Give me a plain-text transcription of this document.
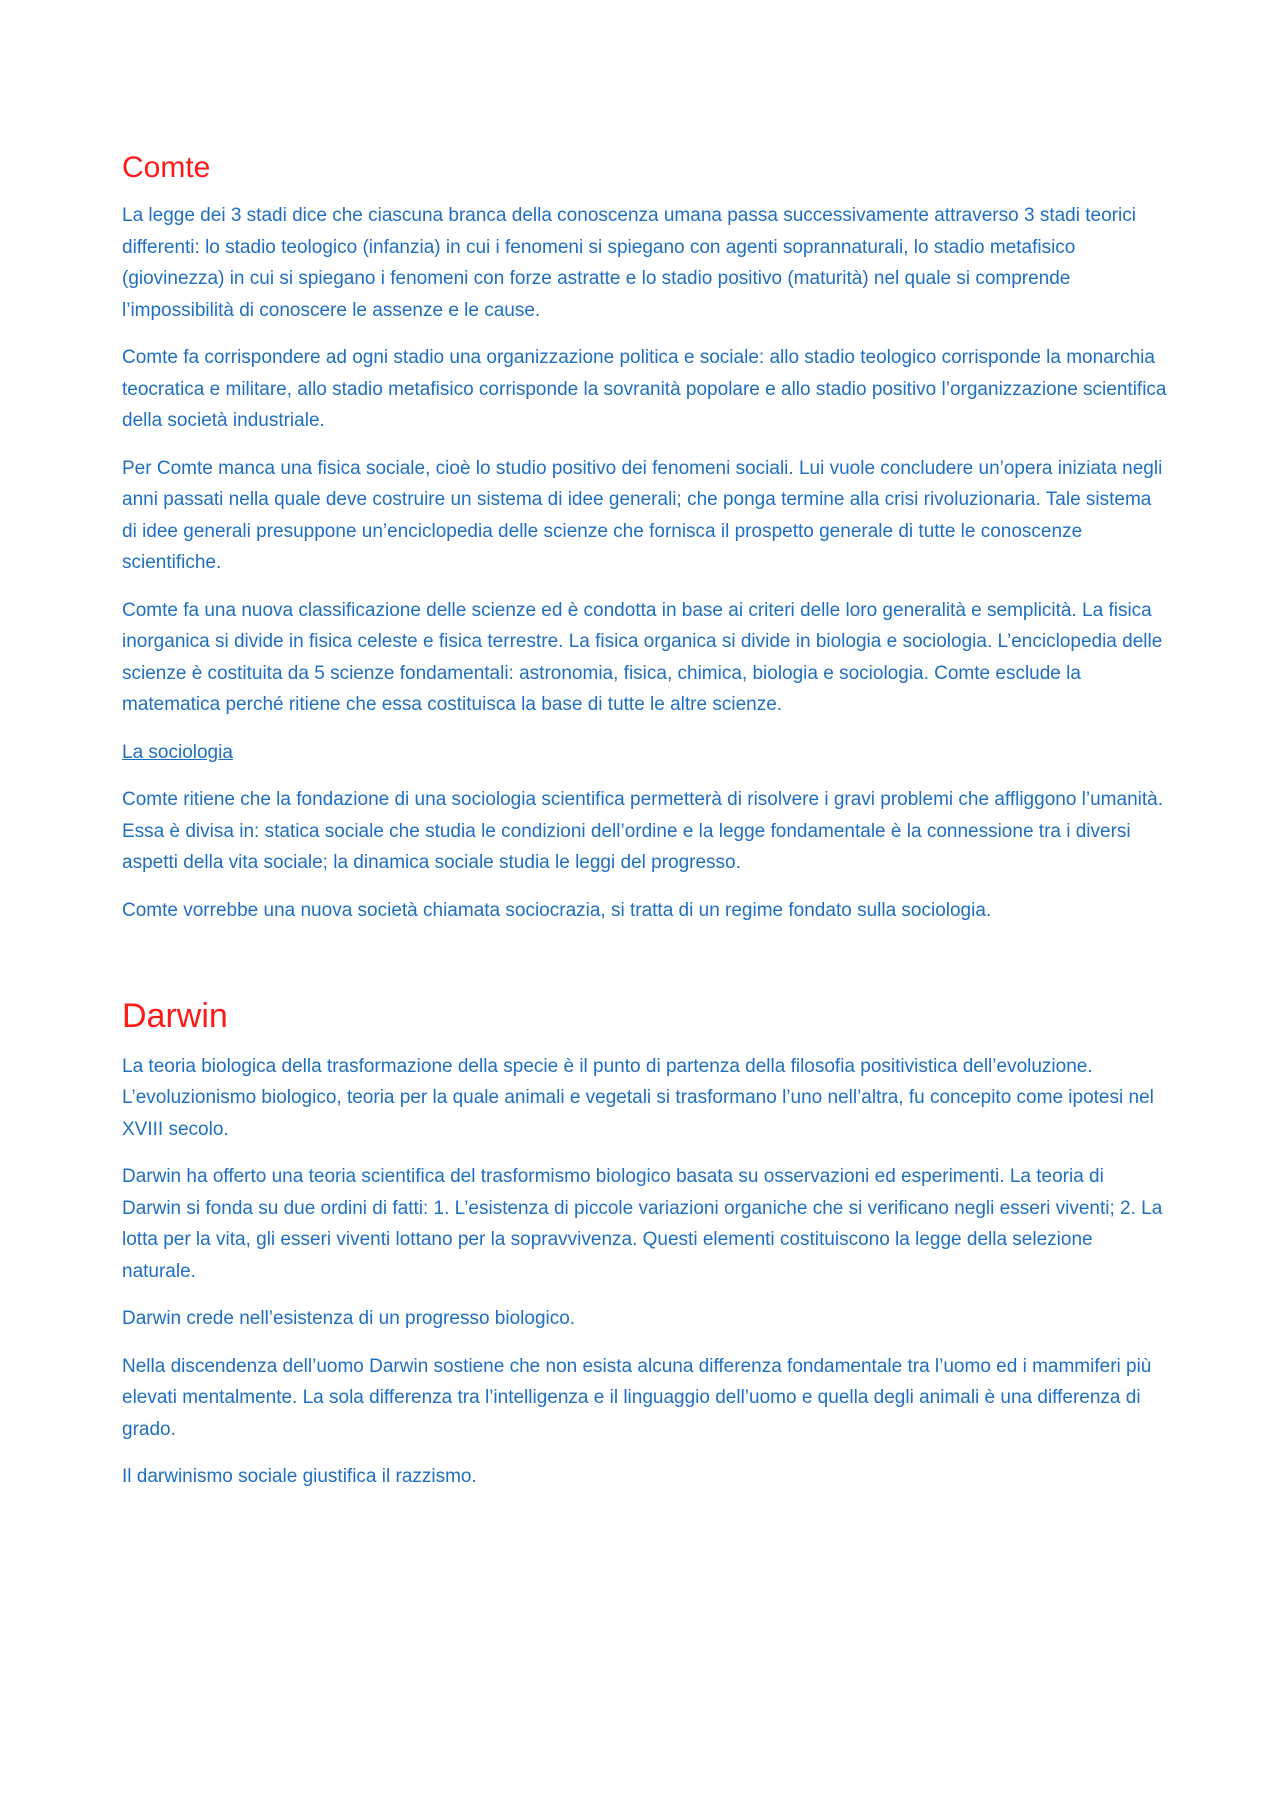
Comte

La legge dei 3 stadi dice che ciascuna branca della conoscenza umana passa successivamente attraverso 3 stadi teorici differenti: lo stadio teologico (infanzia) in cui i fenomeni si spiegano con agenti soprannaturali, lo stadio metafisico (giovinezza) in cui si spiegano i fenomeni con forze astratte e lo stadio positivo (maturità) nel quale si comprende l’impossibilità di conoscere le assenze e le cause.

Comte fa corrispondere ad ogni stadio una organizzazione politica e sociale: allo stadio teologico corrisponde la monarchia teocratica e militare, allo stadio metafisico corrisponde la sovranità popolare e allo stadio positivo l’organizzazione scientifica della società industriale.

Per Comte manca una fisica sociale, cioè lo studio positivo dei fenomeni sociali. Lui vuole concludere un’opera iniziata negli anni passati nella quale deve costruire un sistema di idee generali; che ponga termine alla crisi rivoluzionaria. Tale sistema di idee generali presuppone un’enciclopedia delle scienze che fornisca il prospetto generale di tutte le conoscenze scientifiche.

Comte fa una nuova classificazione delle scienze ed è condotta in base ai criteri delle loro generalità e semplicità. La fisica inorganica si divide in fisica celeste e fisica terrestre. La fisica organica si divide in biologia e sociologia. L’enciclopedia delle scienze è costituita da 5 scienze fondamentali: astronomia, fisica, chimica, biologia e sociologia. Comte esclude la matematica perché ritiene che essa costituisca la base di tutte le altre scienze.

La sociologia

Comte ritiene che la fondazione di una sociologia scientifica permetterà di risolvere i gravi problemi che affliggono l’umanità. Essa è divisa in: statica sociale che studia le condizioni dell’ordine e la legge fondamentale è la connessione tra i diversi aspetti della vita sociale; la dinamica sociale studia le leggi del progresso.

Comte vorrebbe una nuova società chiamata sociocrazia, si tratta di un regime fondato sulla sociologia.

Darwin

La teoria biologica della trasformazione della specie è il punto di partenza della filosofia positivistica dell’evoluzione. L’evoluzionismo biologico, teoria per la quale animali e vegetali si trasformano l’uno nell’altra, fu concepito come ipotesi nel XVIII secolo.

Darwin ha offerto una teoria scientifica del trasformismo biologico basata su osservazioni ed esperimenti. La teoria di Darwin si fonda su due ordini di fatti: 1. L’esistenza di piccole variazioni organiche che si verificano negli esseri viventi; 2. La lotta per la vita, gli esseri viventi lottano per la sopravvivenza. Questi elementi costituiscono la legge della selezione naturale.

Darwin crede nell’esistenza di un progresso biologico.

Nella discendenza dell’uomo Darwin sostiene che non esista alcuna differenza fondamentale tra l’uomo ed i mammiferi più elevati mentalmente. La sola differenza tra l’intelligenza e il linguaggio dell’uomo e quella degli animali è una differenza di grado.

Il darwinismo sociale giustifica il razzismo.
